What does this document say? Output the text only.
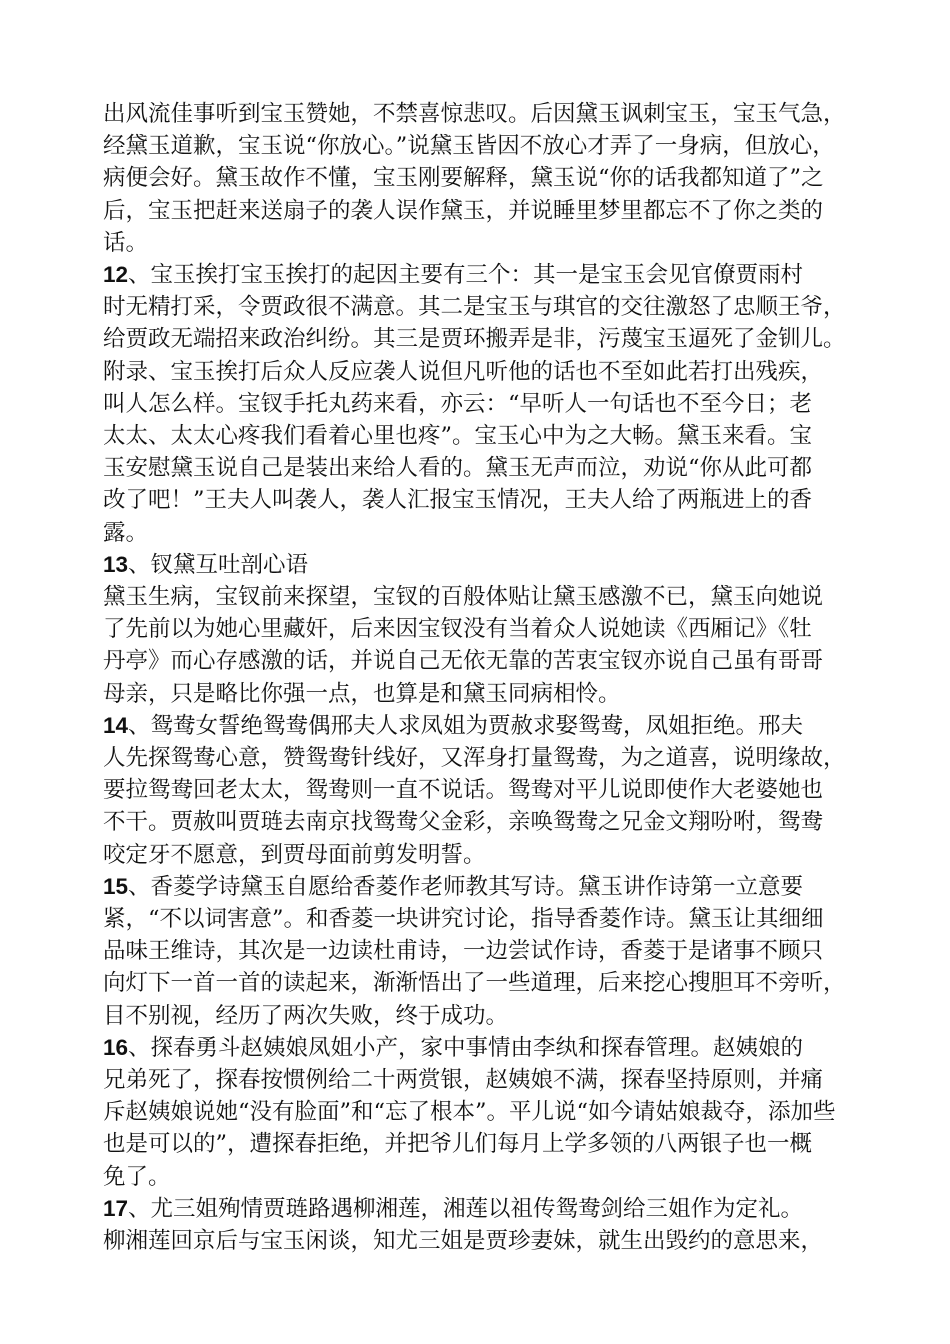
出风流佳事听到宝玉赞她，不禁喜惊悲叹。后因黛玉讽刺宝玉，宝玉气急，
经黛玉道歉，宝玉说“你放心。”说黛玉皆因不放心才弄了一身病，但放心，
病便会好。黛玉故作不懂，宝玉刚要解释，黛玉说“你的话我都知道了”之
后，宝玉把赶来送扇子的袭人误作黛玉，并说睡里梦里都忘不了你之类的
话。
12、宝玉挨打宝玉挨打的起因主要有三个：其一是宝玉会见官僚贾雨村
时无精打采，令贾政很不满意。其二是宝玉与琪官的交往激怒了忠顺王爷，
给贾政无端招来政治纠纷。其三是贾环搬弄是非，污蔑宝玉逼死了金钏儿。
附录、宝玉挨打后众人反应袭人说但凡听他的话也不至如此若打出残疾，
叫人怎么样。宝钗手托丸药来看，亦云：“早听人一句话也不至今日；老
太太、太太心疼我们看着心里也疼”。宝玉心中为之大畅。黛玉来看。宝
玉安慰黛玉说自己是装出来给人看的。黛玉无声而泣，劝说“你从此可都
改了吧！”王夫人叫袭人，袭人汇报宝玉情况，王夫人给了两瓶进上的香
露。
13、钗黛互吐剖心语
黛玉生病，宝钗前来探望，宝钗的百般体贴让黛玉感激不已，黛玉向她说
了先前以为她心里藏奸，后来因宝钗没有当着众人说她读《西厢记》《牡
丹亭》而心存感激的话，并说自己无依无靠的苦衷宝钗亦说自己虽有哥哥
母亲，只是略比你强一点，也算是和黛玉同病相怜。
14、鸳鸯女誓绝鸳鸯偶邢夫人求凤姐为贾赦求娶鸳鸯，凤姐拒绝。邢夫
人先探鸳鸯心意，赞鸳鸯针线好，又浑身打量鸳鸯，为之道喜，说明缘故，
要拉鸳鸯回老太太，鸳鸯则一直不说话。鸳鸯对平儿说即使作大老婆她也
不干。贾赦叫贾琏去南京找鸳鸯父金彩，亲唤鸳鸯之兄金文翔吩咐，鸳鸯
咬定牙不愿意，到贾母面前剪发明誓。
15、香菱学诗黛玉自愿给香菱作老师教其写诗。黛玉讲作诗第一立意要
紧，“不以词害意”。和香菱一块讲究讨论，指导香菱作诗。黛玉让其细细
品味王维诗，其次是一边读杜甫诗，一边尝试作诗，香菱于是诸事不顾只
向灯下一首一首的读起来，渐渐悟出了一些道理，后来挖心搜胆耳不旁听，
目不别视，经历了两次失败，终于成功。
16、探春勇斗赵姨娘凤姐小产，家中事情由李纨和探春管理。赵姨娘的
兄弟死了，探春按惯例给二十两赏银，赵姨娘不满，探春坚持原则，并痛
斥赵姨娘说她“没有脸面”和“忘了根本”。平儿说“如今请姑娘裁夺，添加些
也是可以的”，遭探春拒绝，并把爷儿们每月上学多领的八两银子也一概
免了。
17、尤三姐殉情贾琏路遇柳湘莲，湘莲以祖传鸳鸯剑给三姐作为定礼。
柳湘莲回京后与宝玉闲谈，知尤三姐是贾珍妻妹，就生出毁约的意思来，
